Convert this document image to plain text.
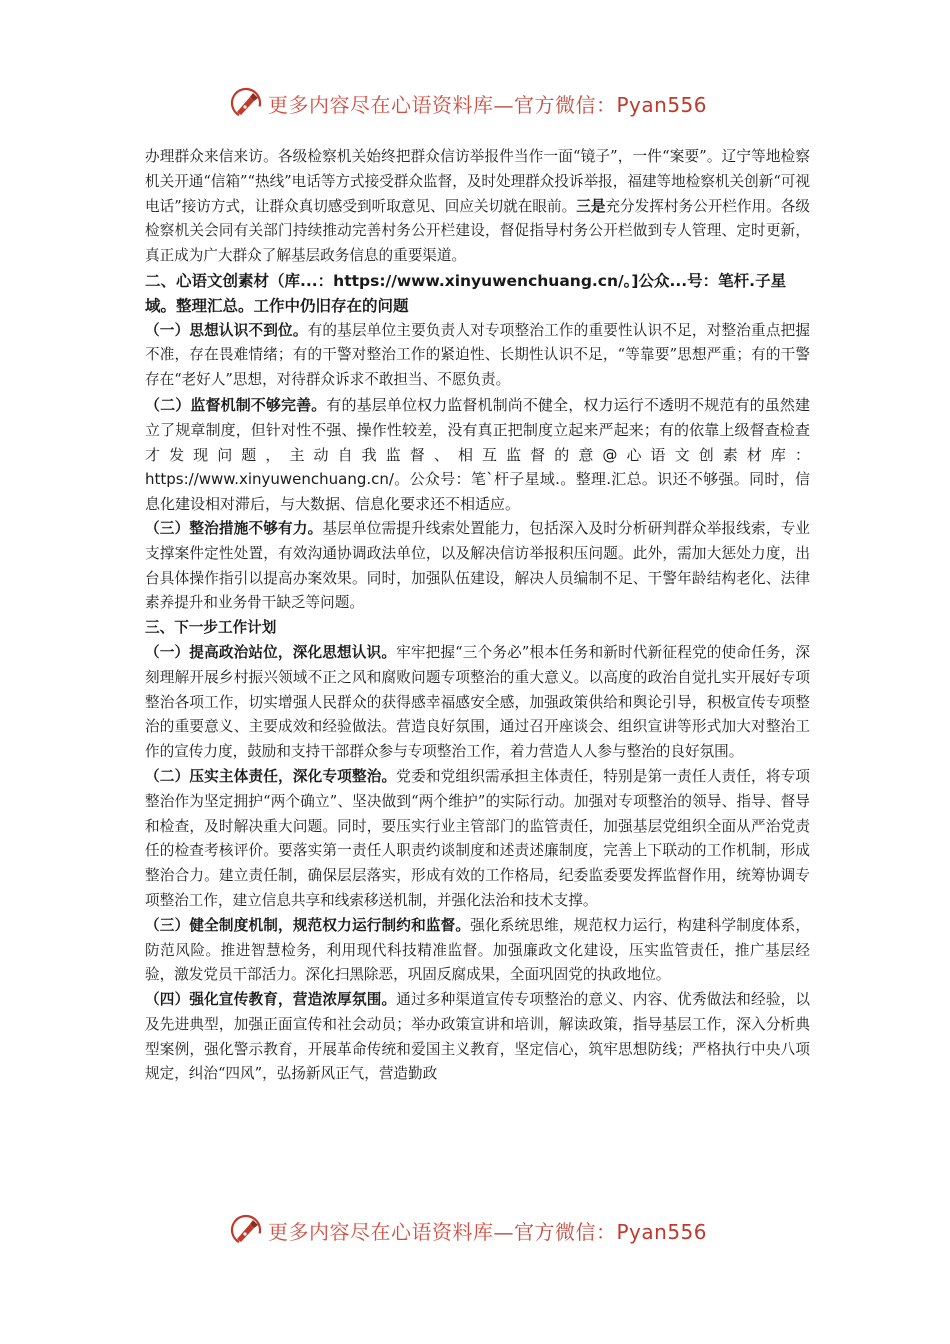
更多内容尽在心语资料库—官方微信：Pyan556

办理群众来信来访。各级检察机关始终把群众信访举报件当作一面“镜子”，一件“案要”。辽宁等地检察机关开通“信箱”“热线”电话等方式接受群众监督，及时处理群众投诉举报，福建等地检察机关创新“可视电话”接访方式，让群众真切感受到听取意见、回应关切就在眼前。三是充分发挥村务公开栏作用。各级检察机关会同有关部门持续推动完善村务公开栏建设，督促指导村务公开栏做到专人管理、定时更新，真正成为广大群众了解基层政务信息的重要渠道。

二、心语文创素材（库...：https://www.xinyuwenchuang.cn/。]公众...号：笔杆.子星域。整理汇总。工作中仍旧存在的问题

（一）思想认识不到位。有的基层单位主要负责人对专项整治工作的重要性认识不足，对整治重点把握不准，存在畏难情绪；有的干警对整治工作的紧迫性、长期性认识不足，“等靠要”思想严重；有的干警存在“老好人”思想，对待群众诉求不敢担当、不愿负责。

（二）监督机制不够完善。有的基层单位权力监督机制尚不健全，权力运行不透明不规范有的虽然建立了规章制度，但针对性不强、操作性较差，没有真正把制度立起来严起来；有的依靠上级督查检查才发现问题，主动自我监督、相互监督的意@心语文创素材库：https://www.xinyuwenchuang.cn/。公众号：笔`杆子星域.。整理.汇总。识还不够强。同时，信息化建设相对滞后，与大数据、信息化要求还不相适应。

（三）整治措施不够有力。基层单位需提升线索处置能力，包括深入及时分析研判群众举报线索，专业支撑案件定性处置，有效沟通协调政法单位，以及解决信访举报积压问题。此外，需加大惩处力度，出台具体操作指引以提高办案效果。同时，加强队伍建设，解决人员编制不足、干警年龄结构老化、法律素养提升和业务骨干缺乏等问题。

三、下一步工作计划

（一）提高政治站位，深化思想认识。牢牢把握“三个务必”根本任务和新时代新征程党的使命任务，深刻理解开展乡村振兴领域不正之风和腐败问题专项整治的重大意义。以高度的政治自觉扎实开展好专项整治各项工作，切实增强人民群众的获得感幸福感安全感，加强政策供给和舆论引导，积极宣传专项整治的重要意义、主要成效和经验做法。营造良好氛围，通过召开座谈会、组织宣讲等形式加大对整治工作的宣传力度，鼓励和支持干部群众参与专项整治工作，着力营造人人参与整治的良好氛围。

（二）压实主体责任，深化专项整治。党委和党组织需承担主体责任，特别是第一责任人责任，将专项整治作为坚定拥护“两个确立”、坚决做到“两个维护”的实际行动。加强对专项整治的领导、指导、督导和检查，及时解决重大问题。同时，要压实行业主管部门的监管责任，加强基层党组织全面从严治党责任的检查考核评价。要落实第一责任人职责约谈制度和述责述廉制度，完善上下联动的工作机制，形成整治合力。建立责任制，确保层层落实，形成有效的工作格局，纪委监委要发挥监督作用，统筹协调专项整治工作，建立信息共享和线索移送机制，并强化法治和技术支撑。

（三）健全制度机制，规范权力运行制约和监督。强化系统思维，规范权力运行，构建科学制度体系，防范风险。推进智慧检务，利用现代科技精准监督。加强廉政文化建设，压实监管责任，推广基层经验，激发党员干部活力。深化扫黑除恶，巩固反腐成果，全面巩固党的执政地位。

（四）强化宣传教育，营造浓厚氛围。通过多种渠道宣传专项整治的意义、内容、优秀做法和经验，以及先进典型，加强正面宣传和社会动员；举办政策宣讲和培训，解读政策，指导基层工作，深入分析典型案例，强化警示教育，开展革命传统和爱国主义教育，坚定信心，筑牢思想防线；严格执行中央八项规定，纠治“四风”，弘扬新风正气，营造勤政

更多内容尽在心语资料库—官方微信：Pyan556
